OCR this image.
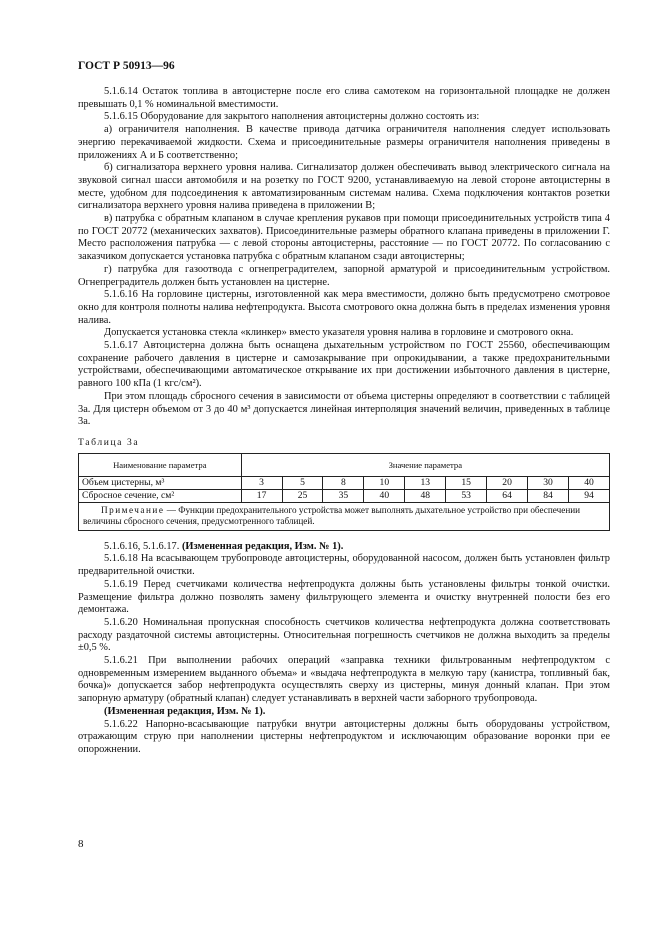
ГОСТ Р 50913—96

5.1.6.14 Остаток топлива в автоцистерне после его слива самотеком на горизонтальной площадке не должен превышать 0,1 % номинальной вместимости.

5.1.6.15 Оборудование для закрытого наполнения автоцистерны должно состоять из:

а) ограничителя наполнения. В качестве привода датчика ограничителя наполнения следует использовать энергию перекачиваемой жидкости. Схема и присоединительные размеры ограничителя наполнения приведены в приложениях А и Б соответственно;

б) сигнализатора верхнего уровня налива. Сигнализатор должен обеспечивать вывод электрического сигнала на звуковой сигнал шасси автомобиля и на розетку по ГОСТ 9200, устанавливаемую на левой стороне автоцистерны в месте, удобном для подсоединения к автоматизированным системам налива. Схема подключения контактов розетки сигнализатора верхнего уровня налива приведена в приложении В;

в) патрубка с обратным клапаном в случае крепления рукавов при помощи присоединительных устройств типа 4 по ГОСТ 20772 (механических захватов). Присоединительные размеры обратного клапана приведены в приложении Г. Место расположения патрубка — с левой стороны автоцистерны, расстояние — по ГОСТ 20772. По согласованию с заказчиком допускается установка патрубка с обратным клапаном сзади автоцистерны;

г) патрубка для газоотвода с огнепреградителем, запорной арматурой и присоединительным устройством. Огнепреградитель должен быть установлен на цистерне.

5.1.6.16 На горловине цистерны, изготовленной как мера вместимости, должно быть предусмотрено смотровое окно для контроля полноты налива нефтепродукта. Высота смотрового окна должна быть в пределах изменения уровня налива.

Допускается установка стекла «клинкер» вместо указателя уровня налива в горловине и смотрового окна.

5.1.6.17 Автоцистерна должна быть оснащена дыхательным устройством по ГОСТ 25560, обеспечивающим сохранение рабочего давления в цистерне и самозакрывание при опрокидывании, а также предохранительными устройствами, обеспечивающими автоматическое открывание их при достижении избыточного давления в цистерне, равного 100 кПа (1 кгс/см²).

При этом площадь сбросного сечения в зависимости от объема цистерны определяют в соответствии с таблицей 3а. Для цистерн объемом от 3 до 40 м³ допускается линейная интерполяция значений величин, приведенных в таблице 3а.

Таблица 3а

Наименование параметра	Значение параметра								
Объем цистерны, м³	3	5	8	10	13	15	20	30	40
Сбросное сечение, см²	17	25	35	40	48	53	64	84	94
Примечание — Функции предохранительного устройства может выполнять дыхательное устройство при обеспечении величины сбросного сечения, предусмотренного таблицей.									

5.1.6.16, 5.1.6.17. (Измененная редакция, Изм. № 1).

5.1.6.18 На всасывающем трубопроводе автоцистерны, оборудованной насосом, должен быть установлен фильтр предварительной очистки.

5.1.6.19 Перед счетчиками количества нефтепродукта должны быть установлены фильтры тонкой очистки. Размещение фильтра должно позволять замену фильтрующего элемента и очистку внутренней полости без его демонтажа.

5.1.6.20 Номинальная пропускная способность счетчиков количества нефтепродукта должна соответствовать расходу раздаточной системы автоцистерны. Относительная погрешность счетчиков не должна выходить за пределы ±0,5 %.

5.1.6.21 При выполнении рабочих операций «заправка техники фильтрованным нефтепродуктом с одновременным измерением выданного объема» и «выдача нефтепродукта в мелкую тару (канистра, топливный бак, бочка)» допускается забор нефтепродукта осуществлять сверху из цистерны, минуя донный клапан. При этом запорную арматуру (обратный клапан) следует устанавливать в верхней части заборного трубопровода.

(Измененная редакция, Изм. № 1).

5.1.6.22 Напорно-всасывающие патрубки внутри автоцистерны должны быть оборудованы устройством, отражающим струю при наполнении цистерны нефтепродуктом и исключающим образование воронки при ее опорожнении.

8
